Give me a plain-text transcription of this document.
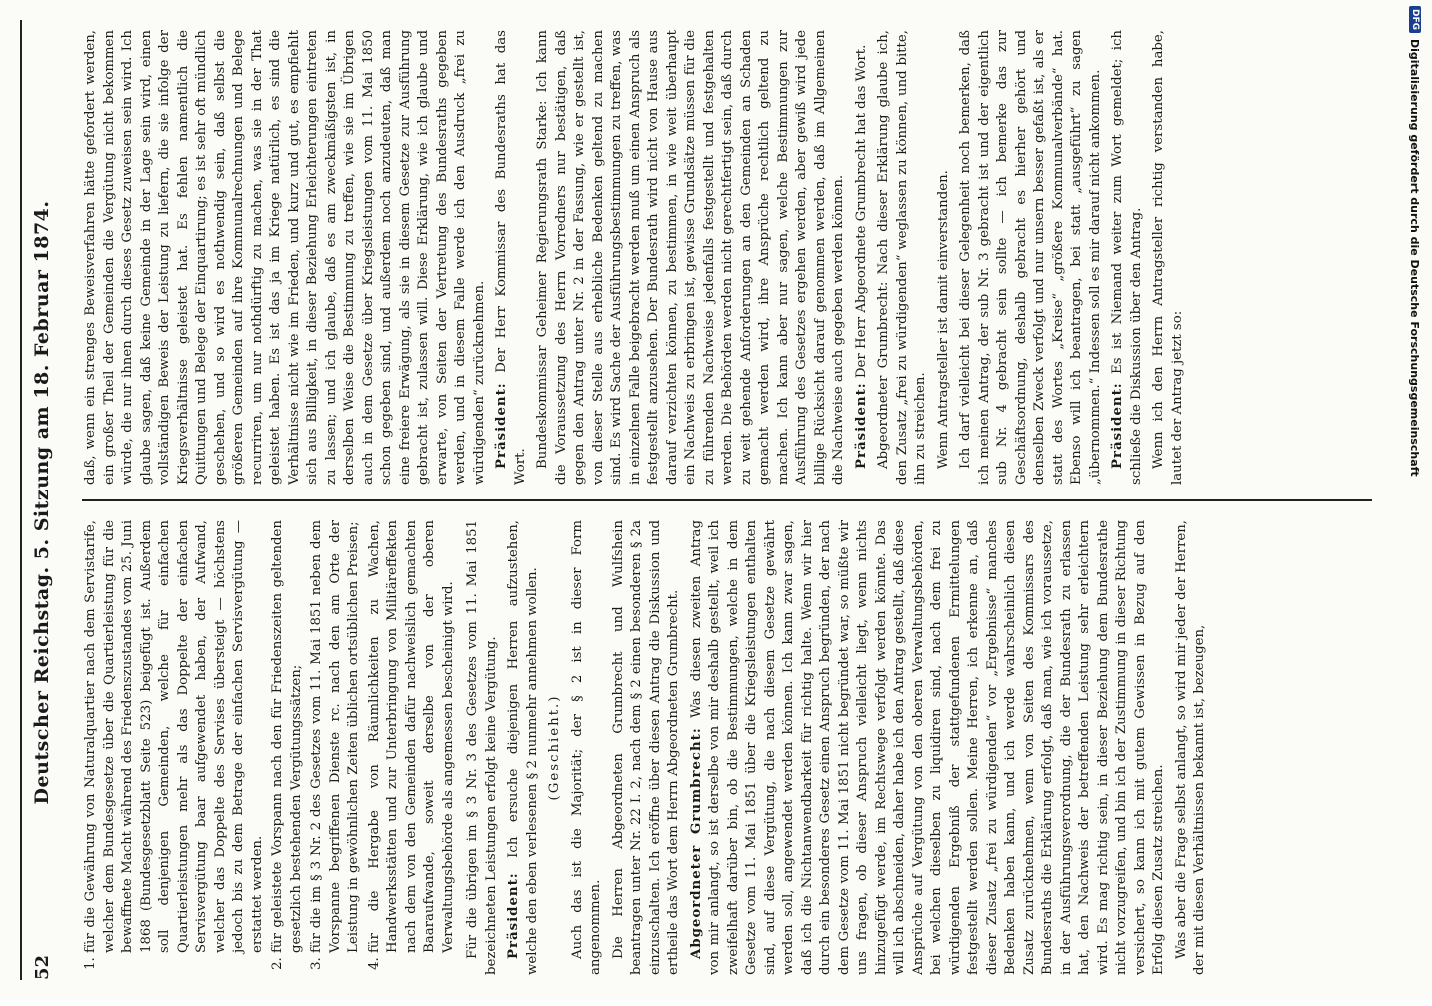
DFG
Digitalisierung gefördert durch die Deutsche Forschungsgemeinschaft
52
Deutscher Reichstag. 5. Sitzung am 18. Februar 1874. 1. für die Gewährung von Naturalquartier nach dem Servistarife, welcher dem Bundesgesetze über die Quartierleistung für die bewaffnete Macht während des Friedenszustandes vom 25. Juni 1868 (Bundesgesetzblatt Seite 523) beigefügt ist. Außerdem soll denjenigen Gemeinden, welche für einfachen Quartierleistungen mehr als das Doppelte der einfachen Servisvergütung baar aufgewendet haben, der Aufwand, welcher das Doppelte des Servises übersteigt — höchstens jedoch bis zu dem Betrage der einfachen Servisvergütung — erstattet werden. 2. für geleistete Vorspann nach den für Friedenszeiten geltenden gesetzlich bestehenden Vergütungssätzen; 3. für die im § 3 Nr. 2 des Gesetzes vom 11. Mai 1851 neben dem Vorspanne begriffenen Dienste rc. nach den am Orte der Leistung in gewöhnlichen Zeiten üblichen ortsüblichen Preisen; 4. für die Hergabe von Räumlichkeiten zu Wachen, Handwerksstätten und zur Unterbringung von Militäreffekten nach dem von den Gemeinden dafür nachweislich gemachten Baaraufwande, soweit derselbe von der oberen Verwaltungsbehörde als angemessen bescheinigt wird. Für die übrigen im § 3 Nr. 3 des Gesetzes vom 11. Mai 1851 bezeichneten Leistungen erfolgt keine Vergütung. Präsident: Ich ersuche diejenigen Herren aufzustehen, welche den eben verlesenen § 2 nunmehr annehmen wollen. (Geschieht.) Auch das ist die Majorität; der § 2 ist in dieser Form angenommen. Die Herren Abgeordneten Grumbrecht und Wulfshein beantragen unter Nr. 22 I. 2, nach dem § 2 einen besonderen § 2a einzuschalten. Ich eröffne über diesen Antrag die Diskussion und ertheile das Wort dem Herrn Abgeordneten Grumbrecht. Abgeordneter Grumbrecht: Was diesen zweiten Antrag von mir anlangt, so ist derselbe von mir deshalb gestellt, weil ich zweifelhaft darüber bin, ob die Bestimmungen, welche in dem Gesetze vom 11. Mai 1851 über die Kriegsleistungen enthalten sind, auf diese Vergütung, die nach diesem Gesetze gewährt werden soll, angewendet werden können. Ich kann zwar sagen, daß ich die Nichtanwendbarkeit für richtig halte. Wenn wir hier durch ein besonderes Gesetz einen Anspruch begründen, der nach dem Gesetze vom 11. Mai 1851 nicht begründet war, so müßte wir uns fragen, ob dieser Anspruch vielleicht liegt, wenn nichts hinzugefügt werde, im Rechtswege verfolgt werden könnte. Das will ich abschneiden, daher habe ich den Antrag gestellt, daß diese Ansprüche auf Vergütung von den oberen Verwaltungsbehörden, bei welchen dieselben zu liquidiren sind, nach dem frei zu würdigenden Ergebniß der stattgefundenen Ermittelungen festgestellt werden sollen. Meine Herren, ich erkenne an, daß dieser Zusatz „frei zu würdigenden“ vor „Ergebnisse“ manches Bedenken haben kann, und ich werde wahrscheinlich diesen Zusatz zurücknehmen, wenn von Seiten des Kommissars des Bundesraths die Erklärung erfolgt, daß man, wie ich voraussetze, in der Ausführungsverordnung, die der Bundesrath zu erlassen hat, den Nachweis der betreffenden Leistung sehr erleichtern wird. Es mag richtig sein, in dieser Beziehung dem Bundesrathe nicht vorzugreifen, und bin ich der Zustimmung in dieser Richtung versichert, so kann ich mit gutem Gewissen in Bezug auf den Erfolg diesen Zusatz streichen. Was aber die Frage selbst anlangt, so wird mir jeder der Herren, der mit diesen Verhältnissen bekannt ist, bezeugen,

daß, wenn ein strenges Beweisverfahren hätte gefordert werden, ein großer Theil der Gemeinden die Vergütung nicht bekommen würde, die nur ihnen durch dieses Gesetz zuweisen sein wird. Ich glaube sagen, daß keine Gemeinde in der Lage sein wird, einen vollständigen Beweis der Leistung zu liefern, die sie infolge der Kriegsverhältnisse geleistet hat. Es fehlen namentlich die Quittungen und Belege der Einquartirung; es ist sehr oft mündlich geschehen, und so wird es nothwendig sein, daß selbst die größeren Gemeinden auf ihre Kommunalrechnungen und Belege recurriren, um nur nothdürftig zu machen, was sie in der That geleistet haben. Es ist das ja im Kriege natürlich, es sind die Verhältnisse nicht wie im Frieden, und kurz und gut, es empfiehlt sich aus Billigkeit, in dieser Beziehung Erleichterungen eintreten zu lassen; und ich glaube, daß es am zweckmäßigsten ist, in derselben Weise die Bestimmung zu treffen, wie sie im Übrigen auch in dem Gesetze über Kriegsleistungen vom 11. Mai 1850 schon gegeben sind, und außerdem noch anzudeuten, daß man eine freiere Erwägung, als sie in diesem Gesetze zur Ausführung gebracht ist, zulassen will. Diese Erklärung, wie ich glaube und erwarte, von Seiten der Vertretung des Bundesraths gegeben werden, und in diesem Falle werde ich den Ausdruck „frei zu würdigenden“ zurücknehmen. Präsident: Der Herr Kommissar des Bundesraths hat das Wort. Bundeskommissar Geheimer Regierungsrath Starke: Ich kann die Voraussetzung des Herrn Vorredners nur bestätigen, daß gegen den Antrag unter Nr. 2 in der Fassung, wie er gestellt ist, von dieser Stelle aus erhebliche Bedenken geltend zu machen sind. Es wird Sache der Ausführungsbestimmungen zu treffen, was in einzelnen Falle beigebracht werden muß um einen Anspruch als festgestellt anzusehen. Der Bundesrath wird nicht von Hause aus darauf verzichten können, zu bestimmen, in wie weit überhaupt ein Nachweis zu erbringen ist, gewisse Grundsätze müssen für die zu führenden Nachweise jedenfalls festgestellt und festgehalten werden. Die Behörden werden nicht gerechtfertigt sein, daß durch zu weit gehende Anforderungen an den Gemeinden an Schaden gemacht werden wird, ihre Ansprüche rechtlich geltend zu machen. Ich kann aber nur sagen, welche Bestimmungen zur Ausführung des Gesetzes ergehen werden, aber gewiß wird jede billige Rücksicht darauf genommen werden, daß im Allgemeinen die Nachweise auch gegeben werden können. Präsident: Der Herr Abgeordnete Grumbrecht hat das Wort. Abgeordneter Grumbrecht: Nach dieser Erklärung glaube ich, den Zusatz „frei zu würdigenden“ weglassen zu können, und bitte, ihn zu streichen. Wenn Antragsteller ist damit einverstanden. Ich darf vielleicht bei dieser Gelegenheit noch bemerken, daß ich meinen Antrag, der sub Nr. 3 gebracht ist und der eigentlich sub Nr. 4 gebracht sein sollte — ich bemerke das zur Geschäftsordnung, deshalb gebracht es hierher gehört und denselben Zweck verfolgt und nur unsern besser gefaßt ist, als er statt des Wortes „Kreise“ „größere Kommunalverbände“ hat. Ebenso will ich beantragen, bei statt „ausgeführt“ zu sagen „übernommen.“ Indessen soll es mir darauf nicht ankommen. Präsident: Es ist Niemand weiter zum Wort gemeldet; ich schließe die Diskussion über den Antrag. Wenn ich den Herrn Antragsteller richtig verstanden habe, lautet der Antrag jetzt so:
